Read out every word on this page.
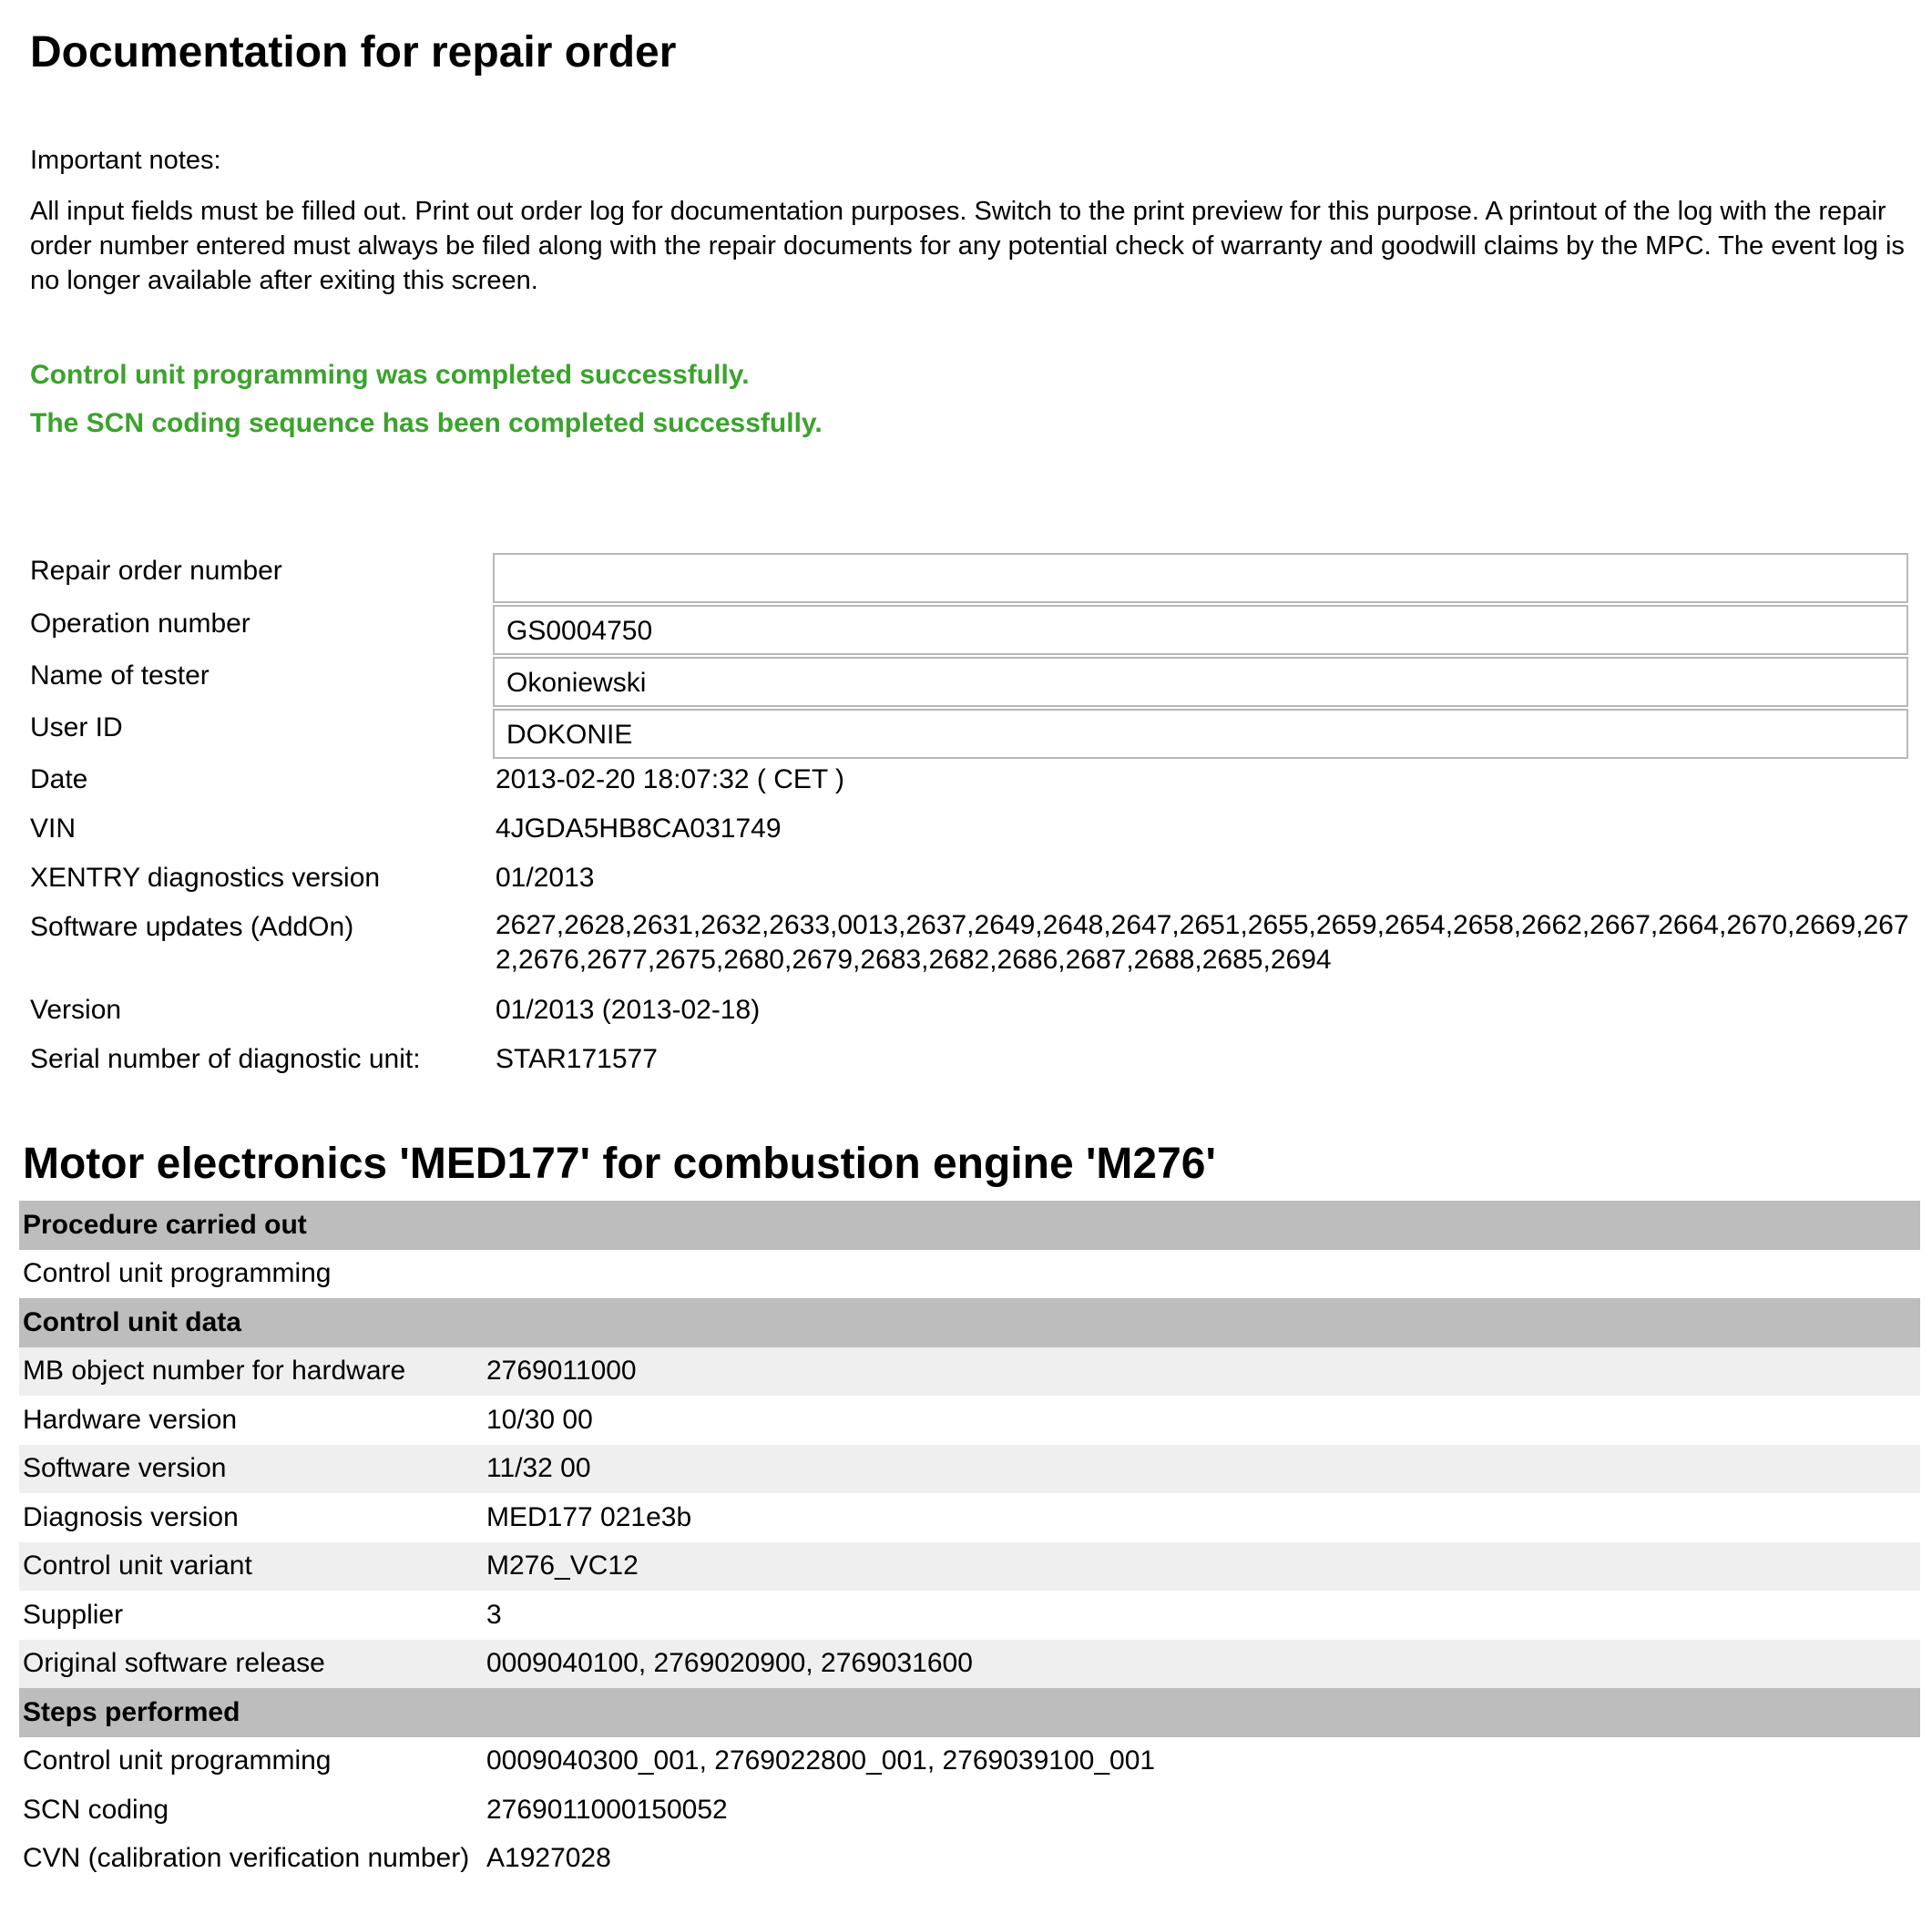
Documentation for repair order
Important notes:
All input fields must be filled out. Print out order log for documentation purposes. Switch to the print preview for this purpose. A printout of the log with the repair order number entered must always be filed along with the repair documents for any potential check of warranty and goodwill claims by the MPC. The event log is no longer available after exiting this screen.
Control unit programming was completed successfully.
The SCN coding sequence has been completed successfully.
Repair order number
Operation number	GS0004750
Name of tester	Okoniewski
User ID	DOKONIE
Date	2013-02-20 18:07:32 ( CET )
VIN	4JGDA5HB8CA031749
XENTRY diagnostics version	01/2013
Software updates (AddOn)	2627,2628,2631,2632,2633,0013,2637,2649,2648,2647,2651,2655,2659,2654,2658,2662,2667,2664,2670,2669,2672,2676,2677,2675,2680,2679,2683,2682,2686,2687,2688,2685,2694
Version	01/2013 (2013-02-18)
Serial number of diagnostic unit:	STAR171577
Motor electronics 'MED177' for combustion engine 'M276'
Procedure carried out	
Control unit programming	
Control unit data	
MB object number for hardware	2769011000
Hardware version	10/30 00
Software version	11/32 00
Diagnosis version	MED177 021e3b
Control unit variant	M276_VC12
Supplier	3
Original software release	0009040100, 2769020900, 2769031600
Steps performed	
Control unit programming	0009040300_001, 2769022800_001, 2769039100_001
SCN coding	2769011000150052
CVN (calibration verification number)	A1927028
